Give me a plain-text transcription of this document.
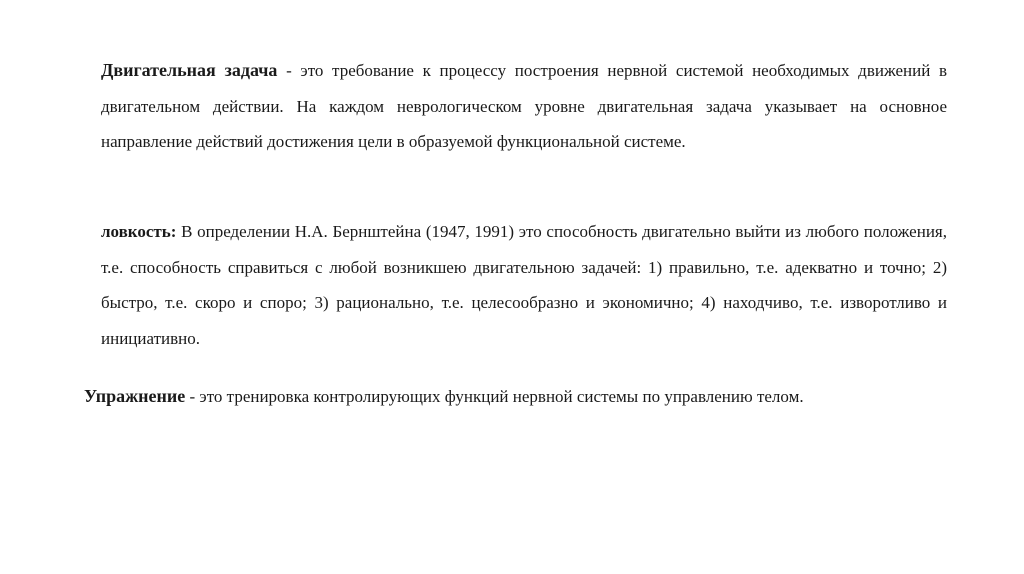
Двигательная задача - это требование к процессу построения нервной системой необходимых движений в двигательном действии. На каждом неврологическом уровне двигательная задача указывает на основное направление действий достижения цели в образуемой функциональной системе.

ловкость: В определении Н.А. Бернштейна (1947, 1991) это способность двигательно выйти из любого положения, т.е. способность справиться с любой возникшею двигательною задачей: 1) правильно, т.е. адекватно и точно; 2) быстро, т.е. скоро и споро; 3) рационально, т.е. целесообразно и экономично; 4) находчиво, т.е. изворотливо и инициативно.

Упражнение - это тренировка контролирующих функций нервной системы по управлению телом.
